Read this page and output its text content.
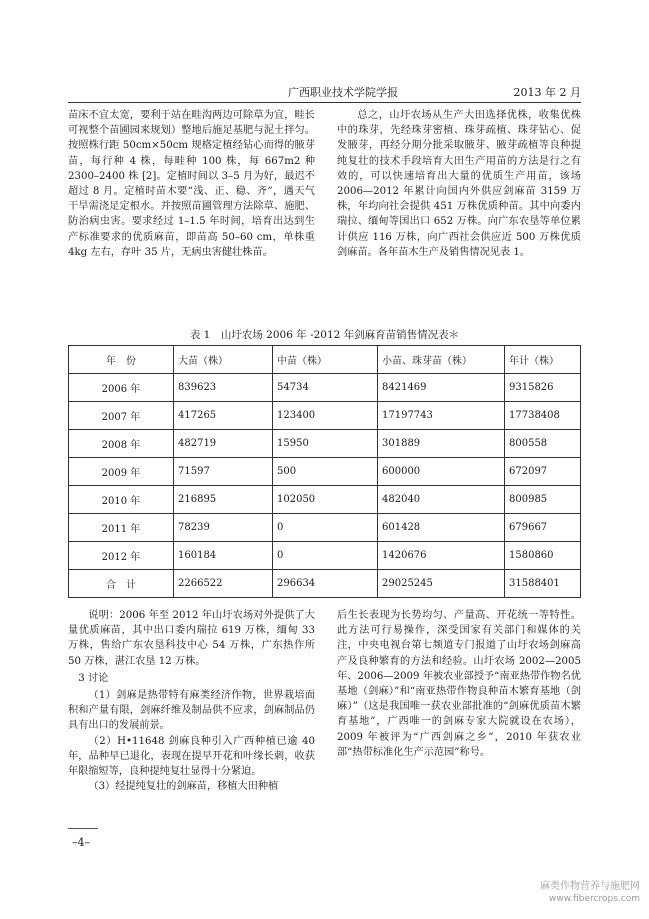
广西职业技术学院学报	2013 年 2 月

苗床不宜太宽，要利于站在畦沟两边可除草为宜，畦长可视整个苗圃园来规划）整地后施足基肥与泥土拌匀。按照株行距 50cm×50cm 规格定植经钻心而得的腋芽苗，每行种 4 株，每畦种 100 株，每 667m2 种 2300–2400 株 [2]。定植时间以 3–5 月为好，最迟不超过 8 月。定植时苗木要“浅、正、稳、齐”，遇天气干旱需浇足定根水。并按照苗圃管理方法除草、施肥、防治病虫害。要求经过 1–1.5 年时间，培育出达到生产标准要求的优质麻苗，即苗高 50–60 cm，单株重 4kg 左右，存叶 35 片，无病虫害健壮株苗。

总之，山圩农场从生产大田选择优株，收集优株中的珠芽，先经珠芽密植、珠芽疏植、珠芽钻心、促发腋芽，再经分期分批采取腋芽、腋芽疏植等良种提纯复壮的技术手段培育大田生产用苗的方法是行之有效的，可以快速培育出大量的优质生产用苗，该场 2006—2012 年累计向国内外供应剑麻苗 3159 万株，年均向社会提供 451 万株优质种苗。其中向委内瑞拉、缅甸等国出口 652 万株。向广东农垦等单位累计供应 116 万株，向广西社会供应近 500 万株优质剑麻苗。各年苗木生产及销售情况见表 1。

表 1　山圩农场 2006 年 -2012 年剑麻育苗销售情况表＊
年　份	大苗（株）	中苗（株）	小苗、珠芽苗（株）	年计（株）
2006 年	839623	54734	8421469	9315826
2007 年	417265	123400	17197743	17738408
2008 年	482719	15950	301889	800558
2009 年	71597	500	600000	672097
2010 年	216895	102050	482040	800985
2011 年	78239	0	601428	679667
2012 年	160184	0	1420676	1580860
合　计	2266522	296634	29025245	31588401

说明：2006 年至 2012 年山圩农场对外提供了大量优质麻苗，其中出口委内瑞拉 619 万株，缅甸 33 万株，售给广东农垦科技中心 54 万株，广东热作所 50 万株，湛江农垦 12 万株。

3 讨论

（1）剑麻是热带特有麻类经济作物，世界栽培面积和产量有限，剑麻纤维及制品供不应求，剑麻制品仍具有出口的发展前景。

（2）H•11648 剑麻良种引入广西种植已逾 40 年，品种早已退化，表现在提早开花和叶缘长刺，收获年限缩短等，良种提纯复壮显得十分紧迫。

（3）经提纯复壮的剑麻苗，移植大田种植

后生长表现为长势均匀、产量高、开花统一等特性。此方法可行易操作，深受国家有关部门和媒体的关注，中央电视台第七频道专门报道了山圩农场剑麻高产及良种繁育的方法和经验。山圩农场 2002—2005 年、2006—2009 年被农业部授予“南亚热带作物名优基地（剑麻）”和“南亚热带作物良种苗木繁育基地（剑麻）”（这是我国唯一获农业部批准的“剑麻优质苗木繁育基地”，广西唯一的剑麻专家大院就设在农场），2009 年被评为“广西剑麻之乡”，2010 年获农业部“热带标准化生产示范园”称号。

–4–
麻类作物营养与施肥网
www.fibercrops.com
